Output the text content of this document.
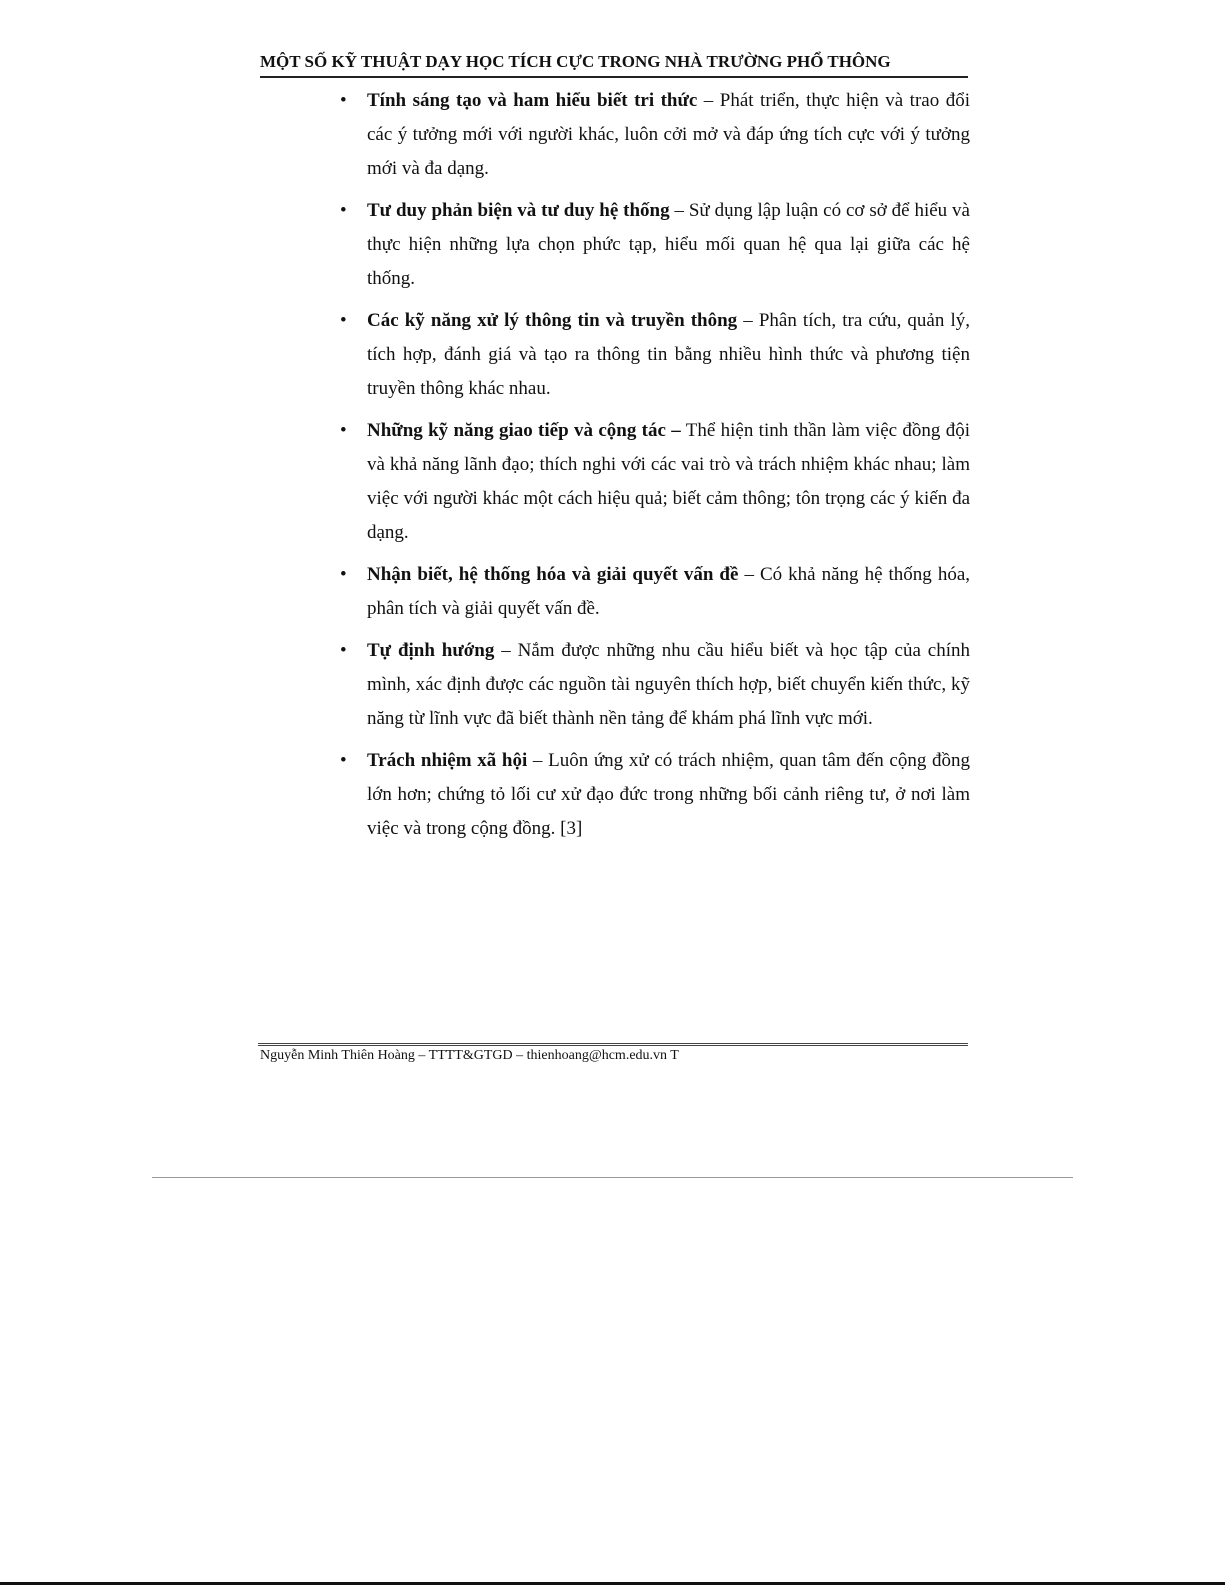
MỘT SỐ KỸ THUẬT DẠY HỌC TÍCH CỰC TRONG NHÀ TRƯỜNG PHỔ THÔNG
• Tính sáng tạo và ham hiểu biết tri thức – Phát triển, thực hiện và trao đổi các ý tưởng mới với người khác, luôn cởi mở và đáp ứng tích cực với ý tưởng mới và đa dạng.
• Tư duy phản biện và tư duy hệ thống – Sử dụng lập luận có cơ sở để hiểu và thực hiện những lựa chọn phức tạp, hiểu mối quan hệ qua lại giữa các hệ thống.
• Các kỹ năng xử lý thông tin và truyền thông – Phân tích, tra cứu, quản lý, tích hợp, đánh giá và tạo ra thông tin bằng nhiều hình thức và phương tiện truyền thông khác nhau.
• Những kỹ năng giao tiếp và cộng tác – Thể hiện tinh thần làm việc đồng đội và khả năng lãnh đạo; thích nghi với các vai trò và trách nhiệm khác nhau; làm việc với người khác một cách hiệu quả; biết cảm thông; tôn trọng các ý kiến đa dạng.
• Nhận biết, hệ thống hóa và giải quyết vấn đề – Có khả năng hệ thống hóa, phân tích và giải quyết vấn đề.
• Tự định hướng – Nắm được những nhu cầu hiểu biết và học tập của chính mình, xác định được các nguồn tài nguyên thích hợp, biết chuyển kiến thức, kỹ năng từ lĩnh vực đã biết thành nền tảng để khám phá lĩnh vực mới.
• Trách nhiệm xã hội – Luôn ứng xử có trách nhiệm, quan tâm đến cộng đồng lớn hơn; chứng tỏ lối cư xử đạo đức trong những bối cảnh riêng tư, ở nơi làm việc và trong cộng đồng. [3]
Nguyễn Minh Thiên Hoàng – TTTT&GTGD – thienhoang@hcm.edu.vn T
